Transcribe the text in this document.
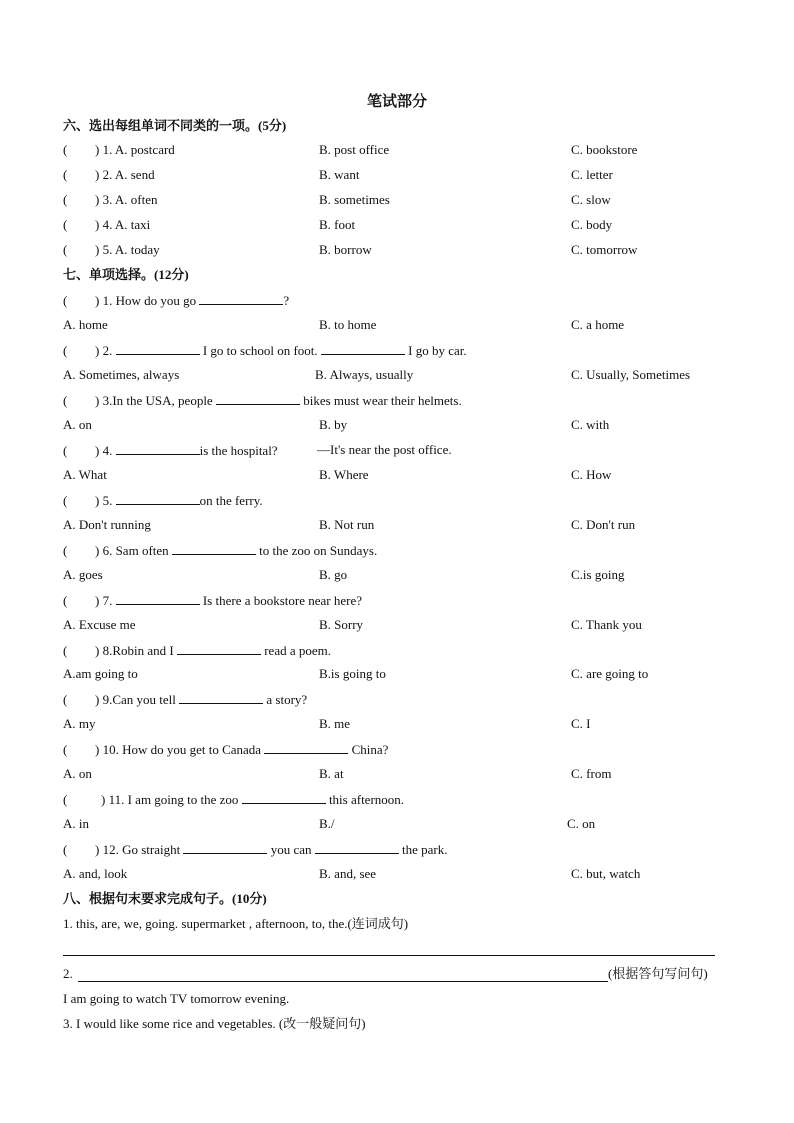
笔试部分
六、选出每组单词不同类的一项。(5分)
( ) 1. A. postcard	B. post office	C. bookstore
( ) 2. A. send	B. want	C. letter
( ) 3. A. often	B. sometimes	C. slow
( ) 4. A. taxi	B. foot	C. body
( ) 5. A. today	B. borrow	C. tomorrow
七、单项选择。(12分)
( ) 1. How do you go	?
A. home	B. to home	C. a home
( ) 2.	I go to school on foot.	I go by car.
A. Sometimes, always	B. Always, usually	C. Usually, Sometimes
( ) 3.In the USA, people	bikes must wear their helmets.
A. on	B. by	C. with
( ) 4.	is the hospital?	—It's near the post office.
A. What	B. Where	C. How
( ) 5.	on the ferry.
A. Don't running	B. Not run	C. Don't run
( ) 6. Sam often	to the zoo on Sundays.
A. goes	B. go	C.is going
( ) 7.	Is there a bookstore near here?
A. Excuse me	B. Sorry	C. Thank you
( ) 8.Robin and I	read a poem.
A.am going to	B.is going to	C. are going to
( ) 9.Can you tell	a story?
A. my	B. me	C. I
( ) 10. How do you get to Canada	China?
A. on	B. at	C. from
(	) 11. I am going to the zoo	this afternoon.
A. in	B./	C. on
( ) 12. Go straight	you can	the park.
A. and, look	B. and, see	C. but, watch
八、根据句末要求完成句子。(10分)
1. this, are, we, going. supermarket , afternoon, to, the.(连词成句)
2.	(根据答句写问句)
I am going to watch TV tomorrow evening.
3. I would like some rice and vegetables. (改一般疑问句)
